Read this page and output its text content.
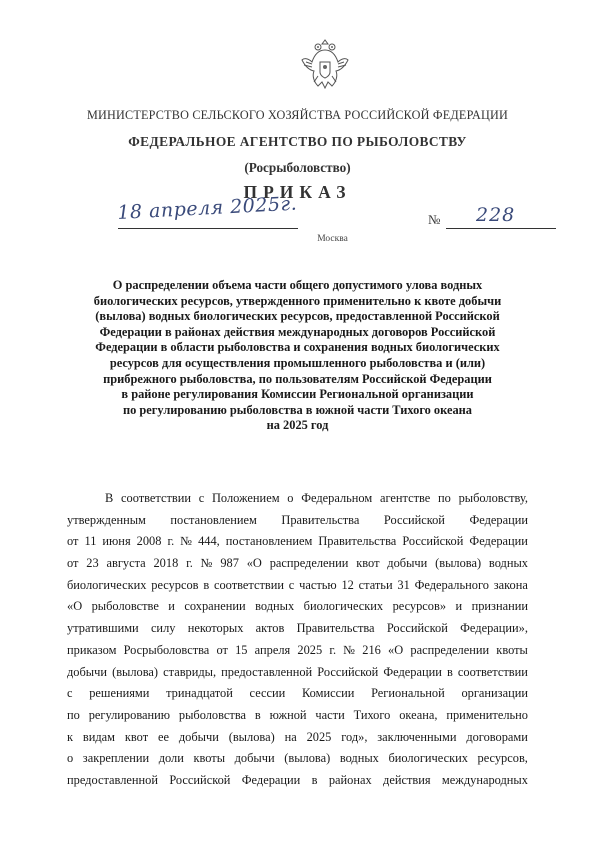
МИНИСТЕРСТВО СЕЛЬСКОГО ХОЗЯЙСТВА РОССИЙСКОЙ ФЕДЕРАЦИИ
ФЕДЕРАЛЬНОЕ АГЕНТСТВО ПО РЫБОЛОВСТВУ
(Росрыболовство)
ПРИКАЗ
18 апреля 2025г.	№ 228
Москва
О распределении объема части общего допустимого улова водных
биологических ресурсов, утвержденного применительно к квоте добычи
(вылова) водных биологических ресурсов, предоставленной Российской
Федерации в районах действия международных договоров Российской
Федерации в области рыболовства и сохранения водных биологических
ресурсов для осуществления промышленного рыболовства и (или)
прибрежного рыболовства, по пользователям Российской Федерации
в районе регулирования Комиссии Региональной организации
по регулированию рыболовства в южной части Тихого океана
на 2025 год
В соответствии с Положением о Федеральном агентстве по рыболовству,
утвержденным постановлением Правительства Российской Федерации
от 11 июня 2008 г. № 444, постановлением Правительства Российской Федерации
от 23 августа 2018 г. № 987 «О распределении квот добычи (вылова) водных
биологических ресурсов в соответствии с частью 12 статьи 31 Федерального закона
«О рыболовстве и сохранении водных биологических ресурсов» и признании
утратившими силу некоторых актов Правительства Российской Федерации»,
приказом Росрыболовства от 15 апреля 2025 г. № 216 «О распределении квоты
добычи (вылова) ставриды, предоставленной Российской Федерации в соответствии
с решениями тринадцатой сессии Комиссии Региональной организации
по регулированию рыболовства в южной части Тихого океана, применительно
к видам квот ее добычи (вылова) на 2025 год», заключенными договорами
о закреплении доли квоты добычи (вылова) водных биологических ресурсов,
предоставленной Российской Федерации в районах действия международных
